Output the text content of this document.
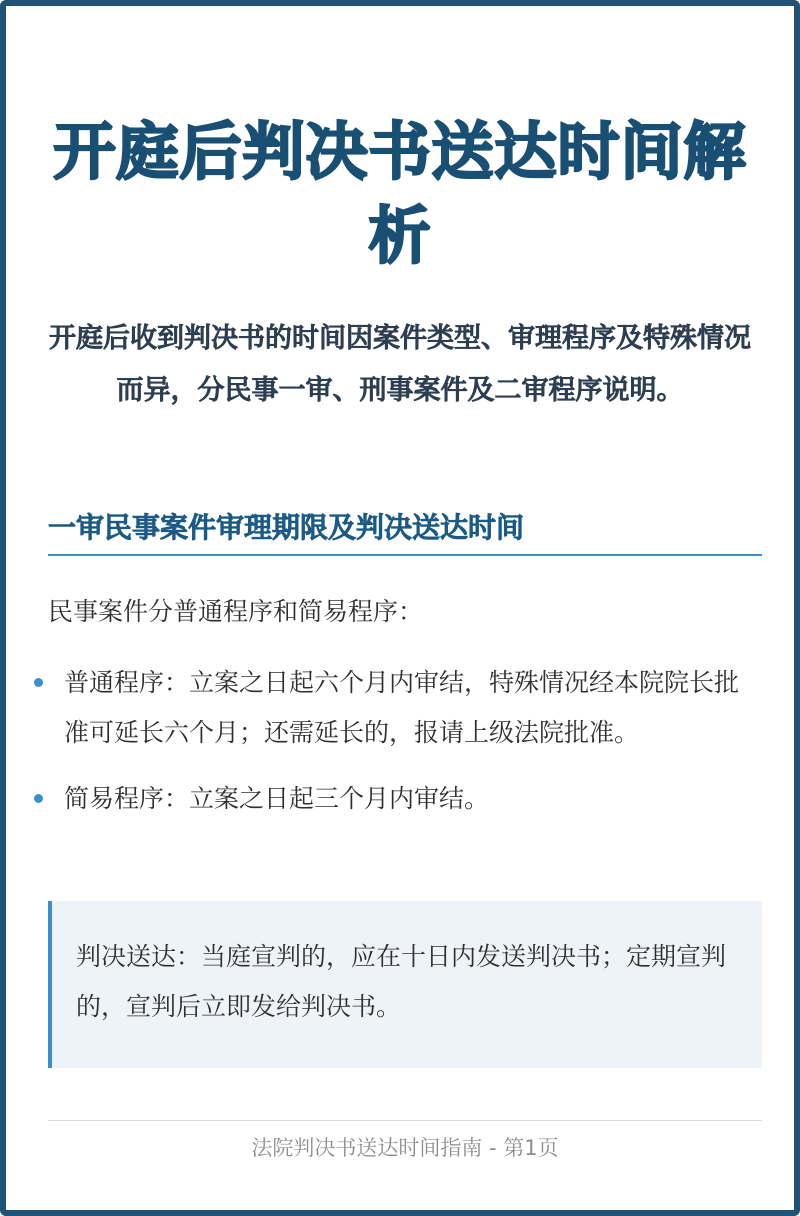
开庭后判决书送达时间解析

开庭后收到判决书的时间因案件类型、审理程序及特殊情况而异，分民事一审、刑事案件及二审程序说明。

一审民事案件审理期限及判决送达时间

民事案件分普通程序和简易程序：

普通程序：立案之日起六个月内审结，特殊情况经本院院长批准可延长六个月；还需延长的，报请上级法院批准。
简易程序：立案之日起三个月内审结。
判决送达：当庭宣判的，应在十日内发送判决书；定期宣判的，宣判后立即发给判决书。

法院判决书送达时间指南 - 第1页
